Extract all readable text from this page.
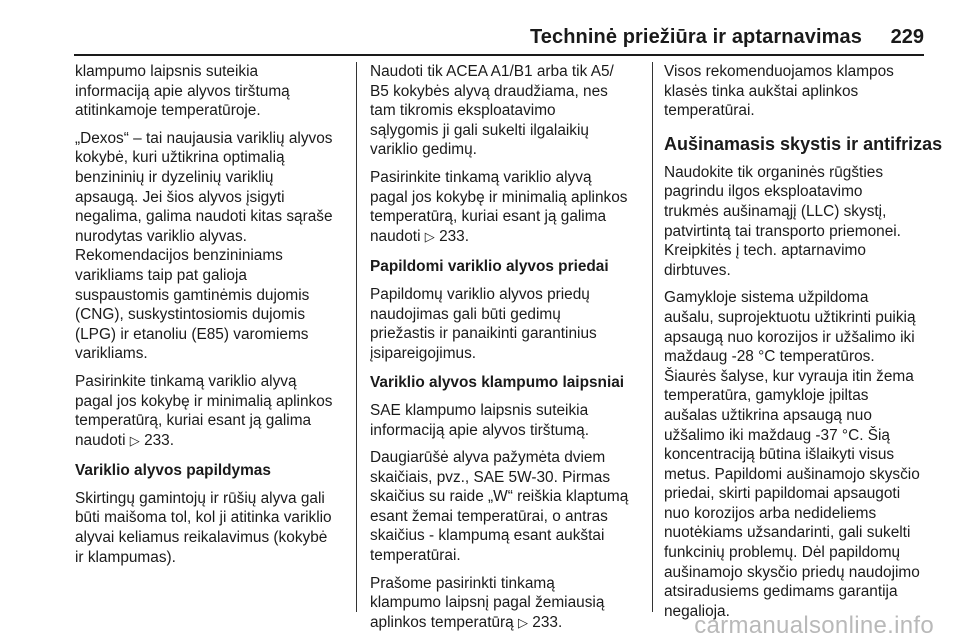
Techninė priežiūra ir aptarnavimas 229
klampumo laipsnis suteikia
informaciją apie alyvos tirštumą
atitinkamoje temperatūroje.
„Dexos“ – tai naujausia variklių alyvos
kokybė, kuri užtikrina optimalią
benzininių ir dyzelinių variklių
apsaugą. Jei šios alyvos įsigyti
negalima, galima naudoti kitas sąraše
nurodytas variklio alyvas.
Rekomendacijos benzininiams
varikliams taip pat galioja
suspaustomis gamtinėmis dujomis
(CNG), suskystintosiomis dujomis
(LPG) ir etanoliu (E85) varomiems
varikliams.
Pasirinkite tinkamą variklio alyvą
pagal jos kokybę ir minimalią aplinkos
temperatūrą, kuriai esant ją galima
naudoti ▷ 233.
Variklio alyvos papildymas
Skirtingų gamintojų ir rūšių alyva gali
būti maišoma tol, kol ji atitinka variklio
alyvai keliamus reikalavimus (kokybė
ir klampumas).
Naudoti tik ACEA A1/B1 arba tik A5/
B5 kokybės alyvą draudžiama, nes
tam tikromis eksploatavimo
sąlygomis ji gali sukelti ilgalaikių
variklio gedimų.
Pasirinkite tinkamą variklio alyvą
pagal jos kokybę ir minimalią aplinkos
temperatūrą, kuriai esant ją galima
naudoti ▷ 233.
Papildomi variklio alyvos priedai
Papildomų variklio alyvos priedų
naudojimas gali būti gedimų
priežastis ir panaikinti garantinius
įsipareigojimus.
Variklio alyvos klampumo laipsniai
SAE klampumo laipsnis suteikia
informaciją apie alyvos tirštumą.
Daugiarūšė alyva pažymėta dviem
skaičiais, pvz., SAE 5W-30. Pirmas
skaičius su raide „W“ reiškia klaptumą
esant žemai temperatūrai, o antras
skaičius - klampumą esant aukštai
temperatūrai.
Prašome pasirinkti tinkamą
klampumo laipsnį pagal žemiausią
aplinkos temperatūrą ▷ 233.
Visos rekomenduojamos klampos
klasės tinka aukštai aplinkos
temperatūrai.
Aušinamasis skystis ir antifrizas
Naudokite tik organinės rūgšties
pagrindu ilgos eksploatavimo
trukmės aušinamąjį (LLC) skystį,
patvirtintą tai transporto priemonei.
Kreipkitės į tech. aptarnavimo
dirbtuves.
Gamykloje sistema užpildoma
aušalu, suprojektuotu užtikrinti puikią
apsaugą nuo korozijos ir užšalimo iki
maždaug -28 °C temperatūros.
Šiaurės šalyse, kur vyrauja itin žema
temperatūra, gamykloje įpiltas
aušalas užtikrina apsaugą nuo
užšalimo iki maždaug -37 °C. Šią
koncentraciją būtina išlaikyti visus
metus. Papildomi aušinamojo skysčio
priedai, skirti papildomai apsaugoti
nuo korozijos arba nedideliems
nuotėkiams užsandarinti, gali sukelti
funkcinių problemų. Dėl papildomų
aušinamojo skysčio priedų naudojimo
atsiradusiems gedimams garantija
negalioja.
carmanualsonline.info
